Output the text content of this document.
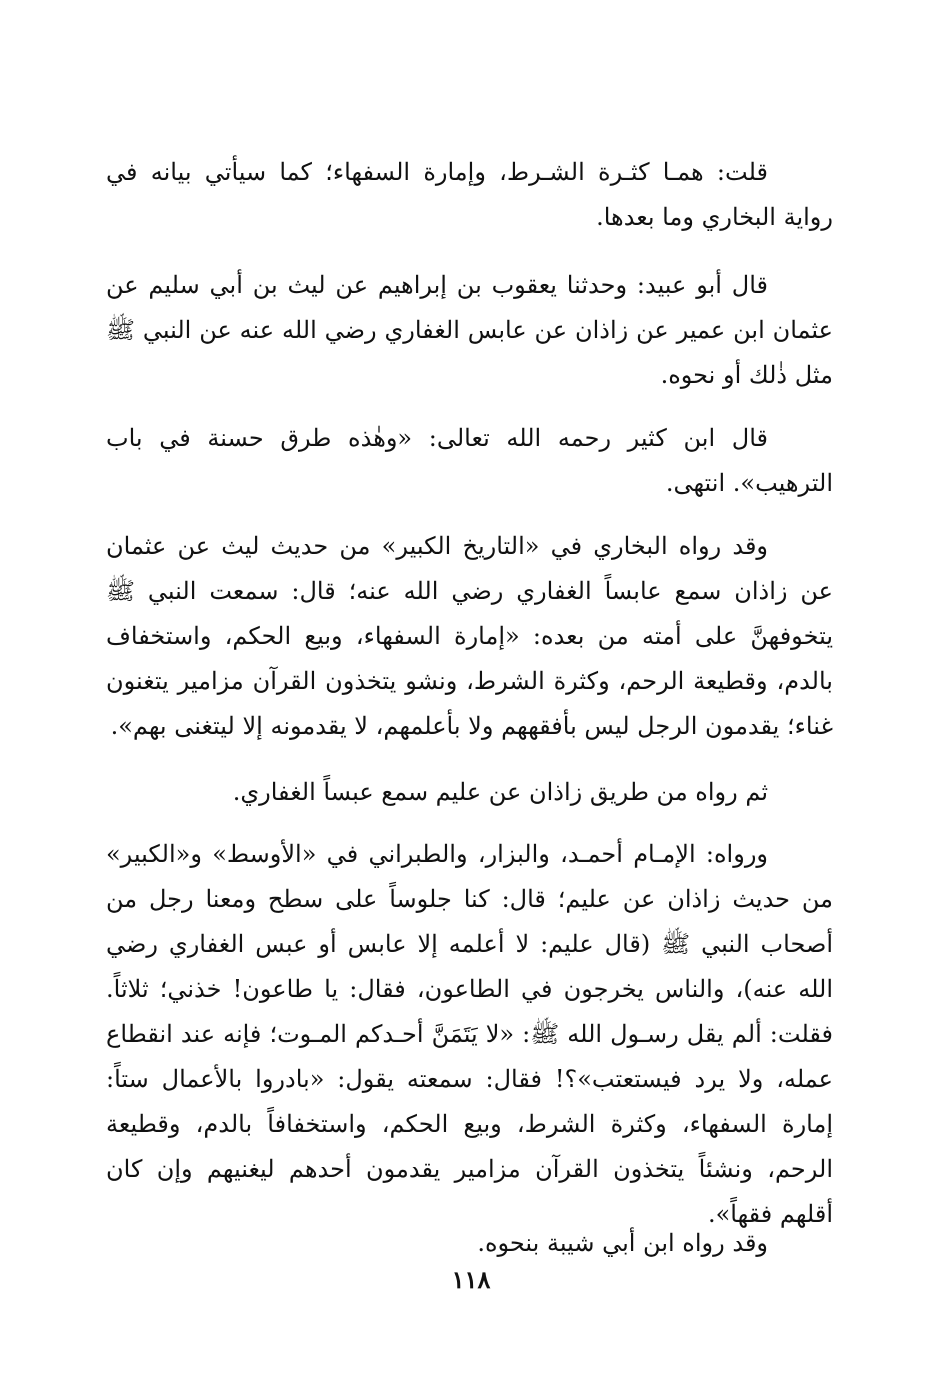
قلت: همـا كثـرة الشـرط، وإمارة السفهاء؛ كما سيأتي بيانه في رواية البخاري وما بعدها.

قال أبو عبيد: وحدثنا يعقوب بن إبراهيم عن ليث بن أبي سليم عن عثمان ابن عمير عن زاذان عن عابس الغفاري رضي الله عنه عن النبي ﷺ مثل ذٰلك أو نحوه.

قال ابن كثير رحمه الله تعالى: «وهٰذه طرق حسنة في باب الترهيب». انتهى.

وقد رواه البخاري في «التاريخ الكبير» من حديث ليث عن عثمان عن زاذان سمع عابساً الغفاري رضي الله عنه؛ قال: سمعت النبي ﷺ يتخوفهنَّ على أمته من بعده: «إمارة السفهاء، وبيع الحكم، واستخفاف بالدم، وقطيعة الرحم، وكثرة الشرط، ونشو يتخذون القرآن مزامير يتغنون غناء؛ يقدمون الرجل ليس بأفقههم ولا بأعلمهم، لا يقدمونه إلا ليتغنى بهم».

ثم رواه من طريق زاذان عن عليم سمع عبساً الغفاري.

ورواه: الإمـام أحمـد، والبزار، والطبراني في «الأوسط» و«الكبير» من حديث زاذان عن عليم؛ قال: كنا جلوساً على سطح ومعنا رجل من أصحاب النبي ﷺ (قال عليم: لا أعلمه إلا عابس أو عبس الغفاري رضي الله عنه)، والناس يخرجون في الطاعون، فقال: يا طاعون! خذني؛ ثلاثاً. فقلت: ألم يقل رسـول الله ﷺ: «لا يَتَمَنَّ أحـدكم المـوت؛ فإنه عند انقطاع عمله، ولا يرد فيستعتب»؟! فقال: سمعته يقول: «بادروا بالأعمال ستاً: إمارة السفهاء، وكثرة الشرط، وبيع الحكم، واستخفافاً بالدم، وقطيعة الرحم، ونشئاً يتخذون القرآن مزامير يقدمون أحدهم ليغنيهم وإن كان أقلهم فقهاً».

وقد رواه ابن أبي شيبة بنحوه.

١١٨
